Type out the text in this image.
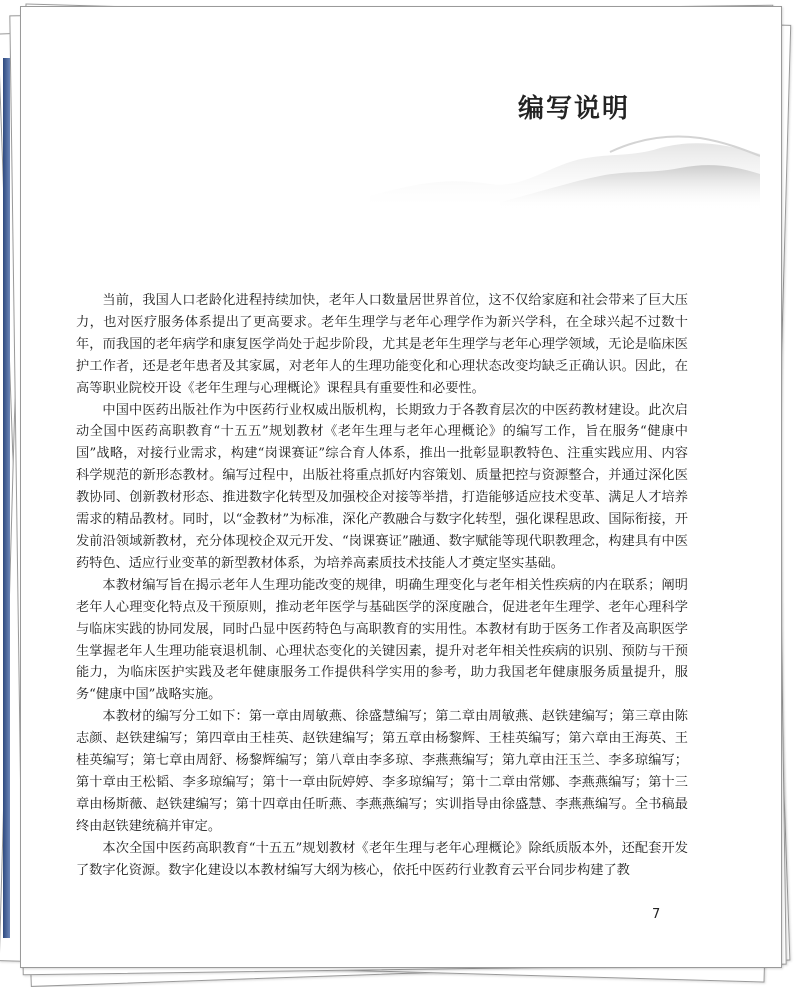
编写说明

当前，我国人口老龄化进程持续加快，老年人口数量居世界首位，这不仅给家庭和社会带来了巨大压力，也对医疗服务体系提出了更高要求。老年生理学与老年心理学作为新兴学科，在全球兴起不过数十年，而我国的老年病学和康复医学尚处于起步阶段，尤其是老年生理学与老年心理学领域，无论是临床医护工作者，还是老年患者及其家属，对老年人的生理功能变化和心理状态改变均缺乏正确认识。因此，在高等职业院校开设《老年生理与心理概论》课程具有重要性和必要性。

中国中医药出版社作为中医药行业权威出版机构，长期致力于各教育层次的中医药教材建设。此次启动全国中医药高职教育“十五五”规划教材《老年生理与老年心理概论》的编写工作，旨在服务“健康中国”战略，对接行业需求，构建“岗课赛证”综合育人体系，推出一批彰显职教特色、注重实践应用、内容科学规范的新形态教材。编写过程中，出版社将重点抓好内容策划、质量把控与资源整合，并通过深化医教协同、创新教材形态、推进数字化转型及加强校企对接等举措，打造能够适应技术变革、满足人才培养需求的精品教材。同时，以“金教材”为标准，深化产教融合与数字化转型，强化课程思政、国际衔接，开发前沿领域新教材，充分体现校企双元开发、“岗课赛证”融通、数字赋能等现代职教理念，构建具有中医药特色、适应行业变革的新型教材体系，为培养高素质技术技能人才奠定坚实基础。

本教材编写旨在揭示老年人生理功能改变的规律，明确生理变化与老年相关性疾病的内在联系；阐明老年人心理变化特点及干预原则，推动老年医学与基础医学的深度融合，促进老年生理学、老年心理科学与临床实践的协同发展，同时凸显中医药特色与高职教育的实用性。本教材有助于医务工作者及高职医学生掌握老年人生理功能衰退机制、心理状态变化的关键因素，提升对老年相关性疾病的识别、预防与干预能力，为临床医护实践及老年健康服务工作提供科学实用的参考，助力我国老年健康服务质量提升，服务“健康中国”战略实施。

本教材的编写分工如下：第一章由周敏燕、徐盛慧编写；第二章由周敏燕、赵铁建编写；第三章由陈志颜、赵铁建编写；第四章由王桂英、赵铁建编写；第五章由杨黎辉、王桂英编写；第六章由王海英、王桂英编写；第七章由周舒、杨黎辉编写；第八章由李多琼、李燕燕编写；第九章由汪玉兰、李多琼编写；第十章由王松韬、李多琼编写；第十一章由阮婷婷、李多琼编写；第十二章由常娜、李燕燕编写；第十三章由杨斯薇、赵铁建编写；第十四章由任昕燕、李燕燕编写；实训指导由徐盛慧、李燕燕编写。全书稿最终由赵铁建统稿并审定。

本次全国中医药高职教育“十五五”规划教材《老年生理与老年心理概论》除纸质版本外，还配套开发了数字化资源。数字化建设以本教材编写大纲为核心，依托中医药行业教育云平台同步构建了教

7
